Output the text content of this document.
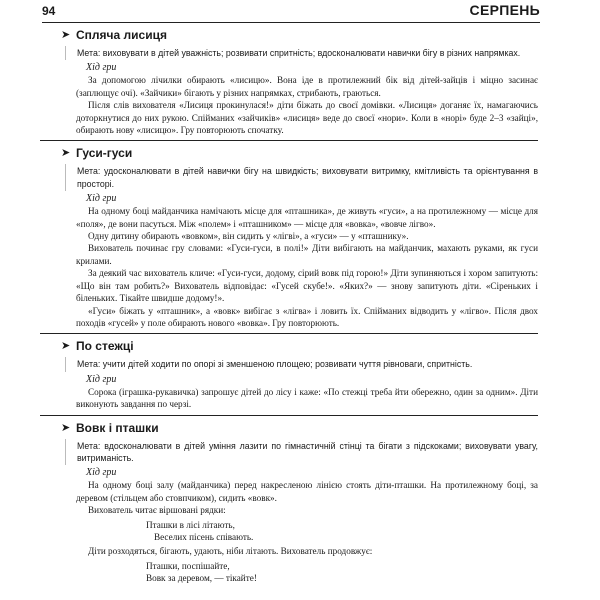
94	СЕРПЕНЬ
➤ Спляча лисиця
Мета: виховувати в дітей уважність; розвивати спритність; вдосконалювати навички бігу в різних напрямках.
Хід гри

За допомогою лічилки обирають «лисицю». Вона іде в протилежний бік від дітей-зайців і міцно засинає (заплющує очі). «Зайчики» бігають у різних напрямках, стрибають, граються.

Після слів вихователя «Лисиця прокинулася!» діти біжать до своєї домівки. «Лисиця» доганяє їх, намагаючись доторкнутися до них рукою. Спійманих «зайчиків» «лисиця» веде до своєї «нори». Коли в «норі» буде 2–3 «зайці», обирають нову «лисицю». Гру повторюють спочатку.

➤ Гуси-гуси
Мета: удосконалювати в дітей навички бігу на швидкість; виховувати витримку, кмітливість та орієнтування в просторі.
Хід гри

На одному боці майданчика намічають місце для «пташника», де живуть «гуси», а на протилежному — місце для «поля», де вони пасуться. Між «полем» і «пташником» — місце для «вовка», «вовче лігво».

Одну дитину обирають «вовком», він сидить у «лігві», а «гуси» — у «пташнику».

Вихователь починає гру словами: «Гуси-гуси, в полі!» Діти вибігають на майданчик, махають руками, як гуси крилами.

За деякий час вихователь кличе: «Гуси-гуси, додому, сірий вовк під горою!» Діти зупиняються і хором запитують: «Що він там робить?» Вихователь відповідає: «Гусей скубе!». «Яких?» — знову запитують діти. «Сіреньких і біленьких. Тікайте швидше додому!».

«Гуси» біжать у «пташник», а «вовк» вибігає з «лігва» і ловить їх. Спійманих відводить у «лігво». Після двох походів «гусей» у поле обирають нового «вовка». Гру повторюють.

➤ По стежці
Мета: учити дітей ходити по опорі зі зменшеною площею; розвивати чуття рівноваги, спритність.
Хід гри

Сорока (іграшка-рукавичка) запрошує дітей до лісу і каже: «По стежці треба йти обережно, один за одним». Діти виконують завдання по черзі.

➤ Вовк і пташки
Мета: вдосконалювати в дітей уміння лазити по гімнастичній стінці та бігати з підскоками; виховувати увагу, витриманість.
Хід гри

На одному боці залу (майданчика) перед накресленою лінією стоять діти-пташки. На протилежному боці, за деревом (стільцем або стовпчиком), сидить «вовк».

Вихователь читає віршовані рядки:

Пташки в лісі літають,
Веселих пісень співають.

Діти розходяться, бігають, удають, ніби літають. Вихователь продовжує:

Пташки, поспішайте,
Вовк за деревом, — тікайте!
